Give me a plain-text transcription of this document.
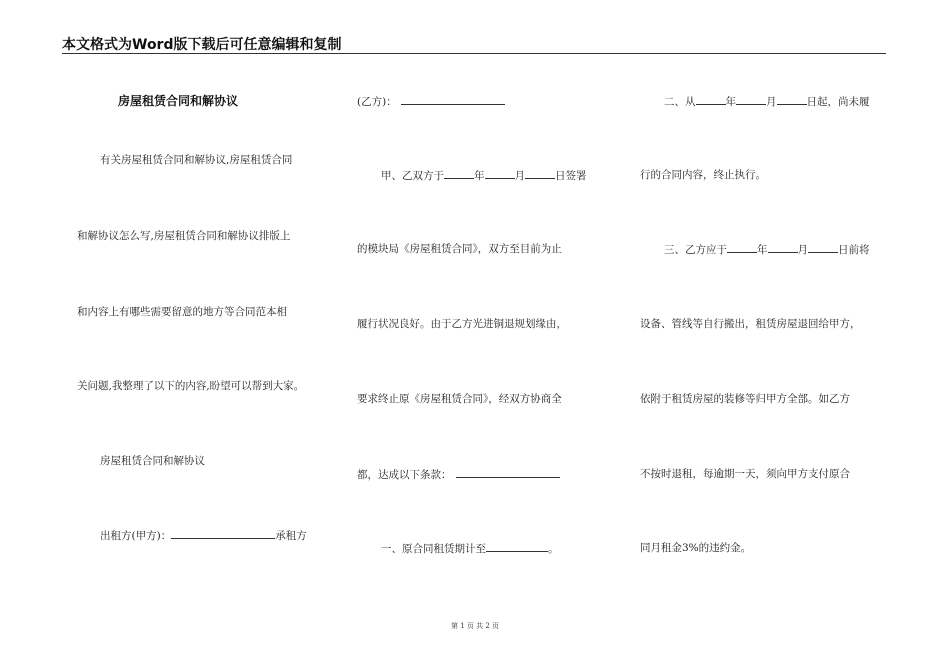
本文格式为Word版下载后可任意编辑和复制
房屋租赁合同和解协议
有关房屋租赁合同和解协议,房屋租赁合同
和解协议怎么写,房屋租赁合同和解协议排版上
和内容上有哪些需要留意的地方等合同范本相
关问题,我整理了以下的内容,盼望可以帮到大家。
房屋租赁合同和解协议
出租方(甲方)：	承租方
(乙方)：
甲、乙双方于	年	月	日签署
的模块局《房屋租赁合同》，双方至目前为止
履行状况良好。由于乙方光进铜退规划缘由，
要求终止原《房屋租赁合同》，经双方协商全
都，达成以下条款：
一、原合同租赁期计至	。
二、从	年	月	日起，尚未履
行的合同内容，终止执行。
三、乙方应于	年	月	日前将
设备、管线等自行搬出，租赁房屋退回给甲方，
依附于租赁房屋的装修等归甲方全部。如乙方
不按时退租，每逾期一天，须向甲方支付原合
同月租金3%的违约金。
第 1 页 共 2 页
